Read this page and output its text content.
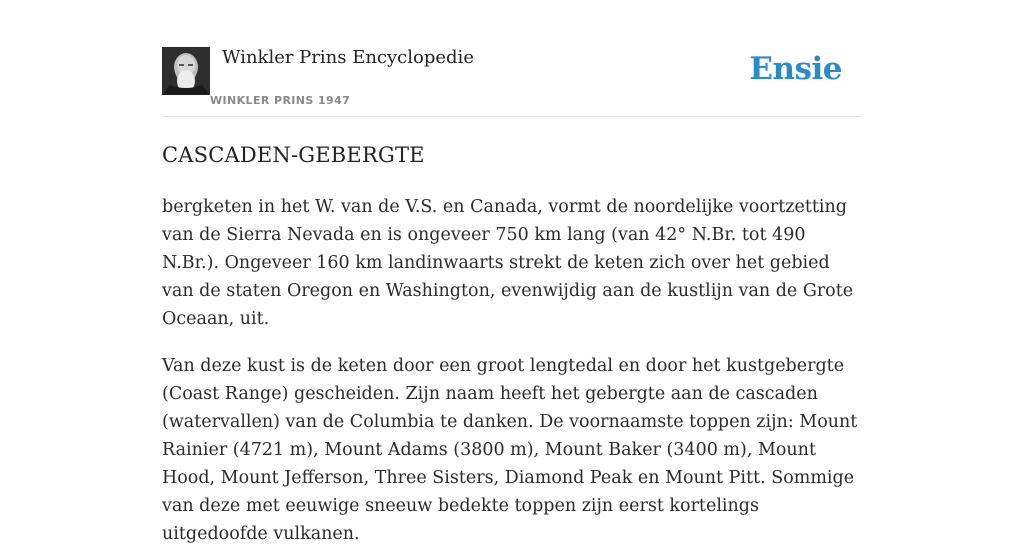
Winkler Prins Encyclopedie
WINKLER PRINS 1947
Ensie
CASCADEN-GEBERGTE

bergketen in het W. van de V.S. en Canada, vormt de noordelijke voortzetting van de Sierra Nevada en is ongeveer 750 km lang (van 42° N.Br. tot 490 N.Br.). Ongeveer 160 km landinwaarts strekt de keten zich over het gebied van de staten Oregon en Washington, evenwijdig aan de kustlijn van de Grote Oceaan, uit.

Van deze kust is de keten door een groot lengtedal en door het kustgebergte (Coast Range) gescheiden. Zijn naam heeft het gebergte aan de cascaden (watervallen) van de Columbia te danken. De voornaamste toppen zijn: Mount Rainier (4721 m), Mount Adams (3800 m), Mount Baker (3400 m), Mount Hood, Mount Jefferson, Three Sisters, Diamond Peak en Mount Pitt. Sommige van deze met eeuwige sneeuw bedekte toppen zijn eerst kortelings uitgedoofde vulkanen.
